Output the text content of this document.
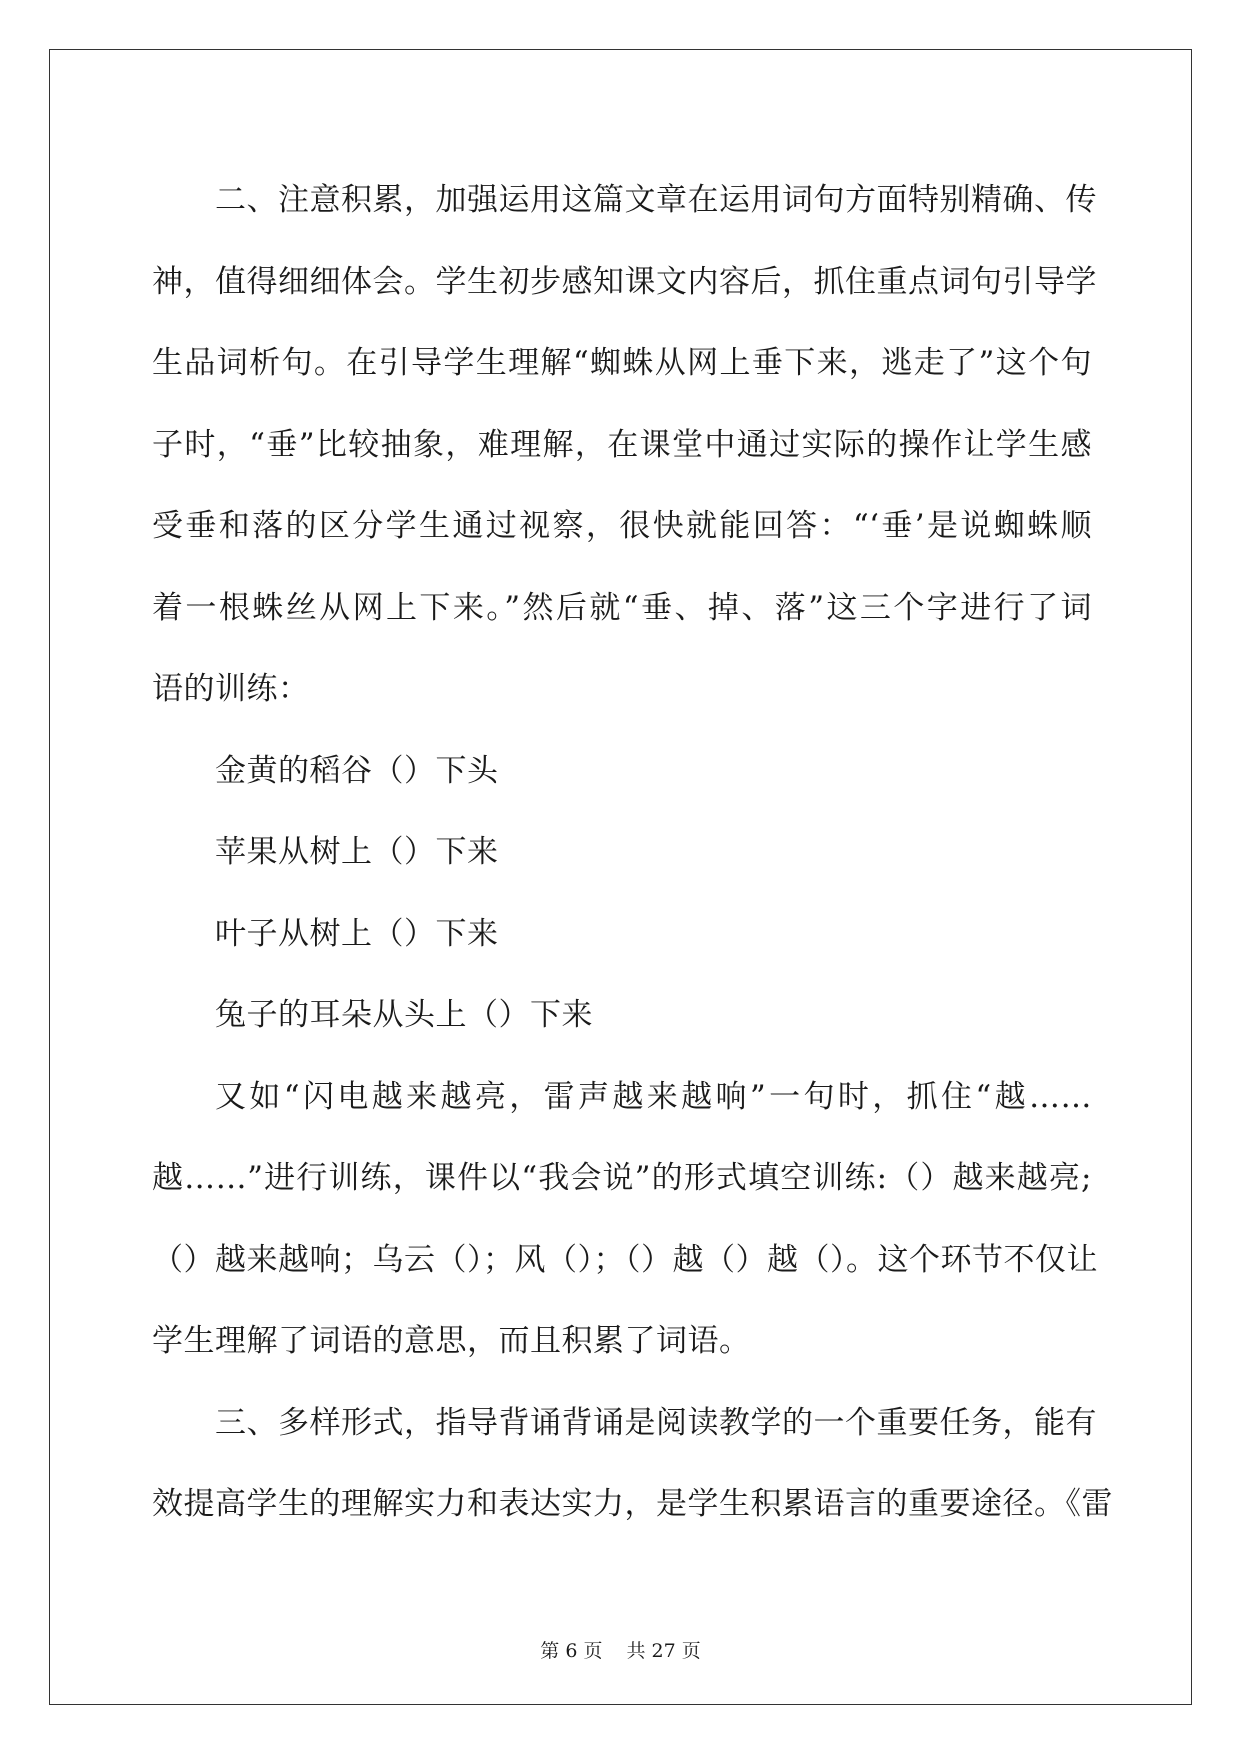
二、注意积累，加强运用这篇文章在运用词句方面特别精确、传
神，值得细细体会。学生初步感知课文内容后，抓住重点词句引导学
生品词析句。在引导学生理解“蜘蛛从网上垂下来，逃走了”这个句
子时，“垂”比较抽象，难理解，在课堂中通过实际的操作让学生感
受垂和落的区分学生通过视察，很快就能回答：“‘垂’是说蜘蛛顺
着一根蛛丝从网上下来。”然后就“垂、掉、落”这三个字进行了词
语的训练：
金黄的稻谷（）下头
苹果从树上（）下来
叶子从树上（）下来
兔子的耳朵从头上（）下来
又如“闪电越来越亮，雷声越来越响”一句时，抓住“越……
越……”进行训练，课件以“我会说”的形式填空训练:（）越来越亮;
（）越来越响；乌云（）；风（）；（）越（）越（）。这个环节不仅让
学生理解了词语的意思，而且积累了词语。
三、多样形式，指导背诵背诵是阅读教学的一个重要任务，能有
效提高学生的理解实力和表达实力，是学生积累语言的重要途径。《雷
第 6 页 共 27 页
